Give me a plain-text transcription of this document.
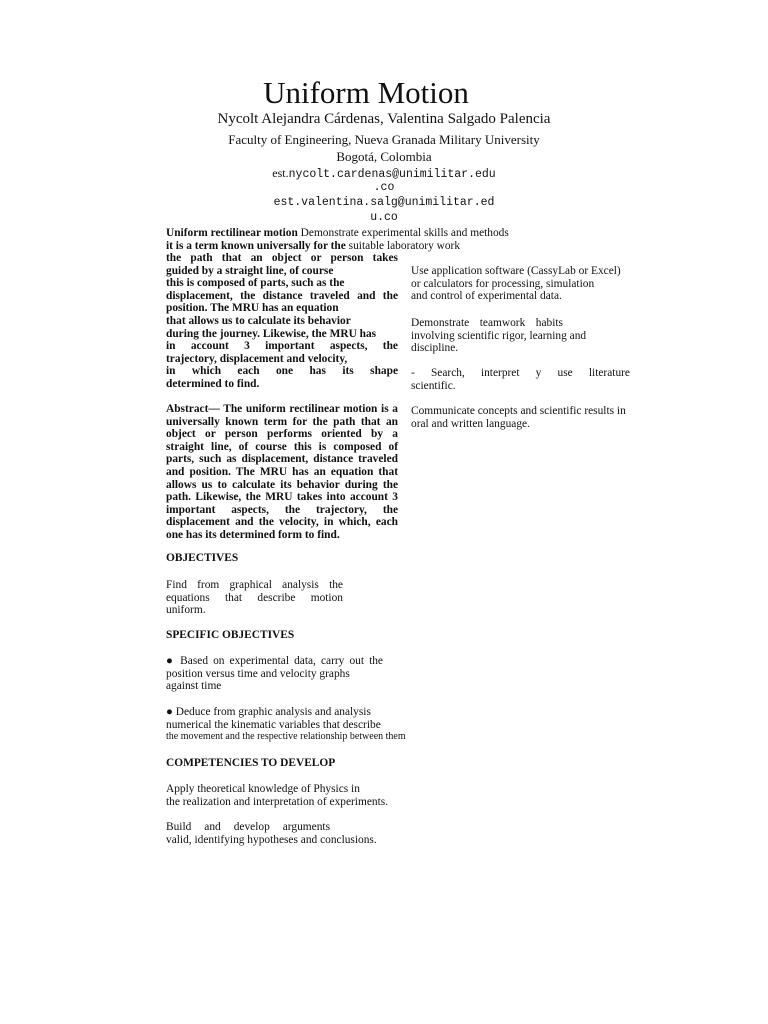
Uniform Motion
Nycolt Alejandra Cárdenas, Valentina Salgado Palencia
Faculty of Engineering, Nueva Granada Military University
Bogotá, Colombia
est.nycolt.cardenas@unimilitar.edu
.co
est.valentina.salg@unimilitar.ed
u.co
Uniform rectilinear motion Demonstrate experimental skills and methods
it is a term known universally for the suitable laboratory work
the path that an object or person takes
guided by a straight line, of course
this is composed of parts, such as the
displacement, the distance traveled and the
position. The MRU has an equation
that allows us to calculate its behavior
during the journey. Likewise, the MRU has
in account 3 important aspects, the
trajectory, displacement and velocity,
in which each one has its shape
determined to find.
Abstract— The uniform rectilinear motion is a
universally known term for the path that an
object or person performs oriented by a
straight line, of course this is composed of
parts, such as displacement, distance traveled
and position. The MRU has an equation that
allows us to calculate its behavior during the
path. Likewise, the MRU takes into account 3
important aspects, the trajectory, the
displacement and the velocity, in which, each
one has its determined form to find.
OBJECTIVES
Find from graphical analysis the
equations that describe motion
uniform.
SPECIFIC OBJECTIVES
● Based on experimental data, carry out the
position versus time and velocity graphs
against time
● Deduce from graphic analysis and analysis
numerical the kinematic variables that describe
the movement and the respective relationship between them
COMPETENCIES TO DEVELOP
Apply theoretical knowledge of Physics in
the realization and interpretation of experiments.
Build and develop arguments
valid, identifying hypotheses and conclusions.
Use application software (CassyLab or Excel)
or calculators for processing, simulation
and control of experimental data.
Demonstrate teamwork habits
involving scientific rigor, learning and
discipline.
- Search, interpret y use literature
scientific.
Communicate concepts and scientific results in
oral and written language.
